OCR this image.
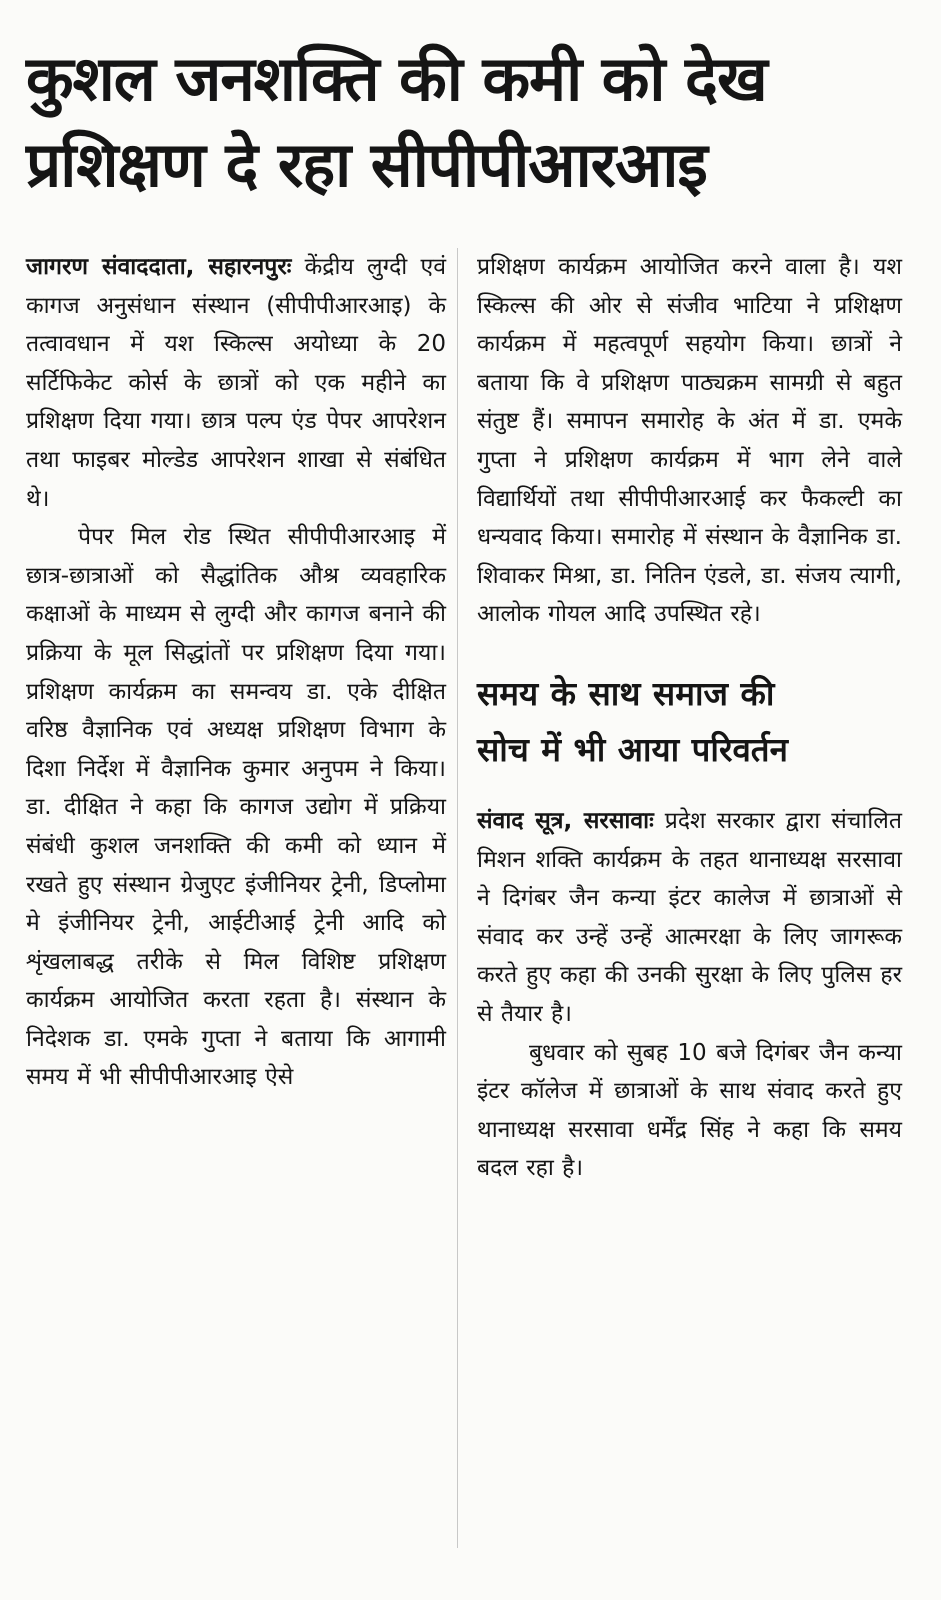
कुशल जनशक्ति की कमी को देख
प्रशिक्षण दे रहा सीपीपीआरआइ

जागरण संवाददाता, सहारनपुरः केंद्रीय लुग्दी एवं कागज अनुसंधान संस्थान (सीपीपीआरआइ) के तत्वावधान में यश स्किल्स अयोध्या के 20 सर्टिफिकेट कोर्स के छात्रों को एक महीने का प्रशिक्षण दिया गया। छात्र पल्प एंड पेपर आपरेशन तथा फाइबर मोल्डेड आपरेशन शाखा से संबंधित थे।

पेपर मिल रोड स्थित सीपीपीआरआइ में छात्र-छात्राओं को सैद्धांतिक औश्र व्यवहारिक कक्षाओं के माध्यम से लुग्दी और कागज बनाने की प्रक्रिया के मूल सिद्धांतों पर प्रशिक्षण दिया गया। प्रशिक्षण कार्यक्रम का समन्वय डा. एके दीक्षित वरिष्ठ वैज्ञानिक एवं अध्यक्ष प्रशिक्षण विभाग के दिशा निर्देश में वैज्ञानिक कुमार अनुपम ने किया। डा. दीक्षित ने कहा कि कागज उद्योग में प्रक्रिया संबंधी कुशल जनशक्ति की कमी को ध्यान में रखते हुए संस्थान ग्रेजुएट इंजीनियर ट्रेनी, डिप्लोमा मे इंजीनियर ट्रेनी, आईटीआई ट्रेनी आदि को शृंखलाबद्ध तरीके से मिल विशिष्ट प्रशिक्षण कार्यक्रम आयोजित करता रहता है। संस्थान के निदेशक डा. एमके गुप्ता ने बताया कि आगामी समय में भी सीपीपीआरआइ ऐसे

प्रशिक्षण कार्यक्रम आयोजित करने वाला है। यश स्किल्स की ओर से संजीव भाटिया ने प्रशिक्षण कार्यक्रम में महत्वपूर्ण सहयोग किया। छात्रों ने बताया कि वे प्रशिक्षण पाठ्यक्रम सामग्री से बहुत संतुष्ट हैं। समापन समारोह के अंत में डा. एमके गुप्ता ने प्रशिक्षण कार्यक्रम में भाग लेने वाले विद्यार्थियों तथा सीपीपीआरआई कर फैकल्टी का धन्यवाद किया। समारोह में संस्थान के वैज्ञानिक डा. शिवाकर मिश्रा, डा. नितिन एंडले, डा. संजय त्यागी, आलोक गोयल आदि उपस्थित रहे।

समय के साथ समाज की
सोच में भी आया परिवर्तन

संवाद सूत्र, सरसावाः प्रदेश सरकार द्वारा संचालित मिशन शक्ति कार्यक्रम के तहत थानाध्यक्ष सरसावा ने दिगंबर जैन कन्या इंटर कालेज में छात्राओं से संवाद कर उन्हें उन्हें आत्मरक्षा के लिए जागरूक करते हुए कहा की उनकी सुरक्षा के लिए पुलिस हर से तैयार है।

बुधवार को सुबह 10 बजे दिगंबर जैन कन्या इंटर कॉलेज में छात्राओं के साथ संवाद करते हुए थानाध्यक्ष सरसावा धर्मेंद्र सिंह ने कहा कि समय बदल रहा है।
